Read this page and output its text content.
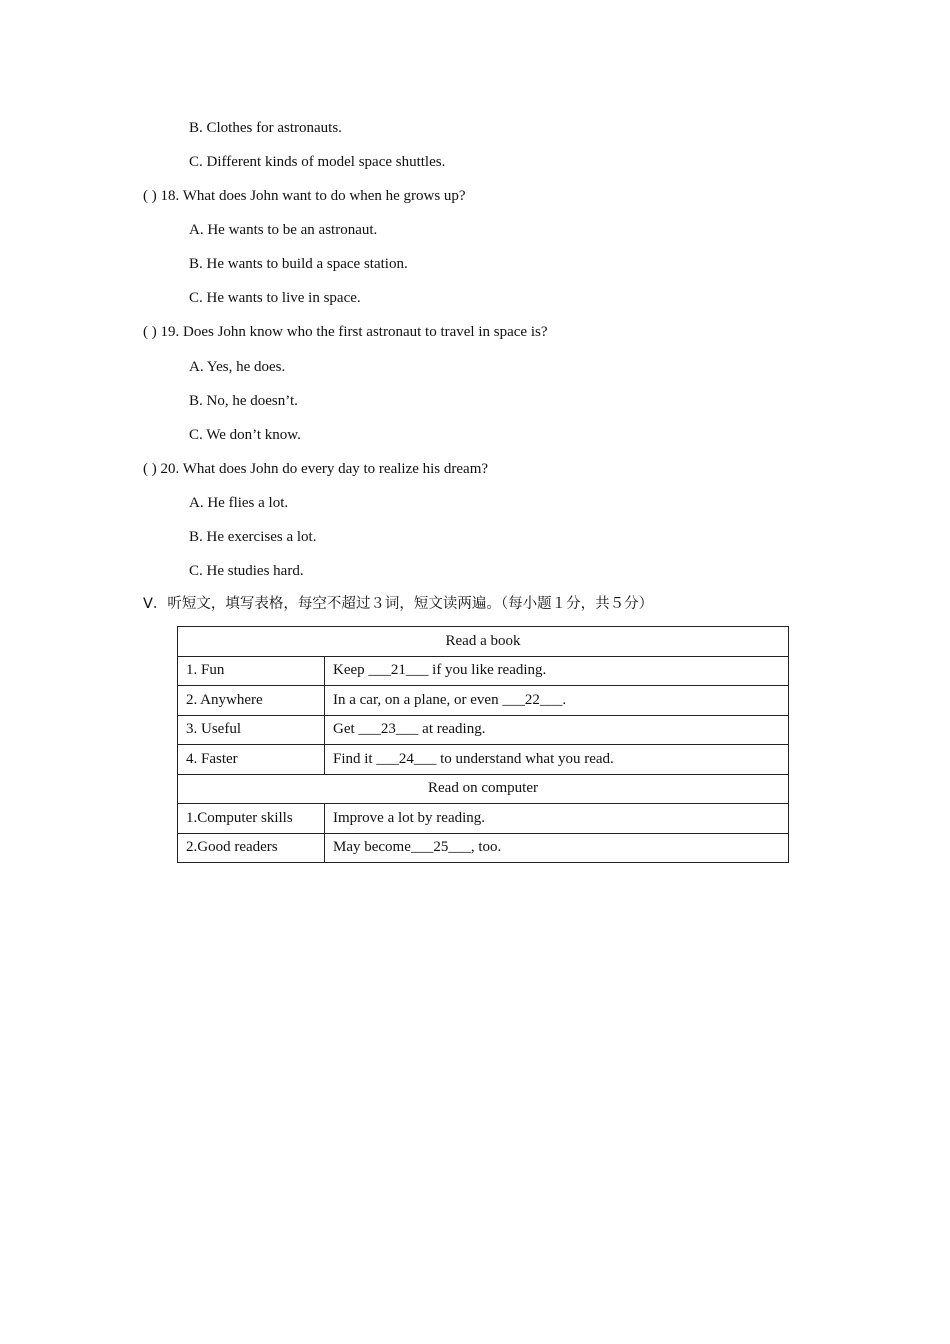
B. Clothes for astronauts.
C. Different kinds of model space shuttles.
( ) 18. What does John want to do when he grows up?
A. He wants to be an astronaut.
B. He wants to build a space station.
C. He wants to live in space.
( ) 19. Does John know who the first astronaut to travel in space is?
A. Yes, he does.
B. No, he doesn’t.
C. We don’t know.
( ) 20. What does John do every day to realize his dream?
A. He flies a lot.
B. He exercises a lot.
C. He studies hard.
Ⅴ．听短文，填写表格，每空不超过３词，短文读两遍。（每小题１分，共５分）
Read a book	
1. Fun	Keep ___21___ if you like reading.
2. Anywhere	In a car, on a plane, or even ___22___.
3. Useful	Get ___23___ at reading.
4. Faster	Find it ___24___ to understand what you read.
Read on computer	
1.Computer skills	Improve a lot by reading.
2.Good readers	May become___25___, too.
